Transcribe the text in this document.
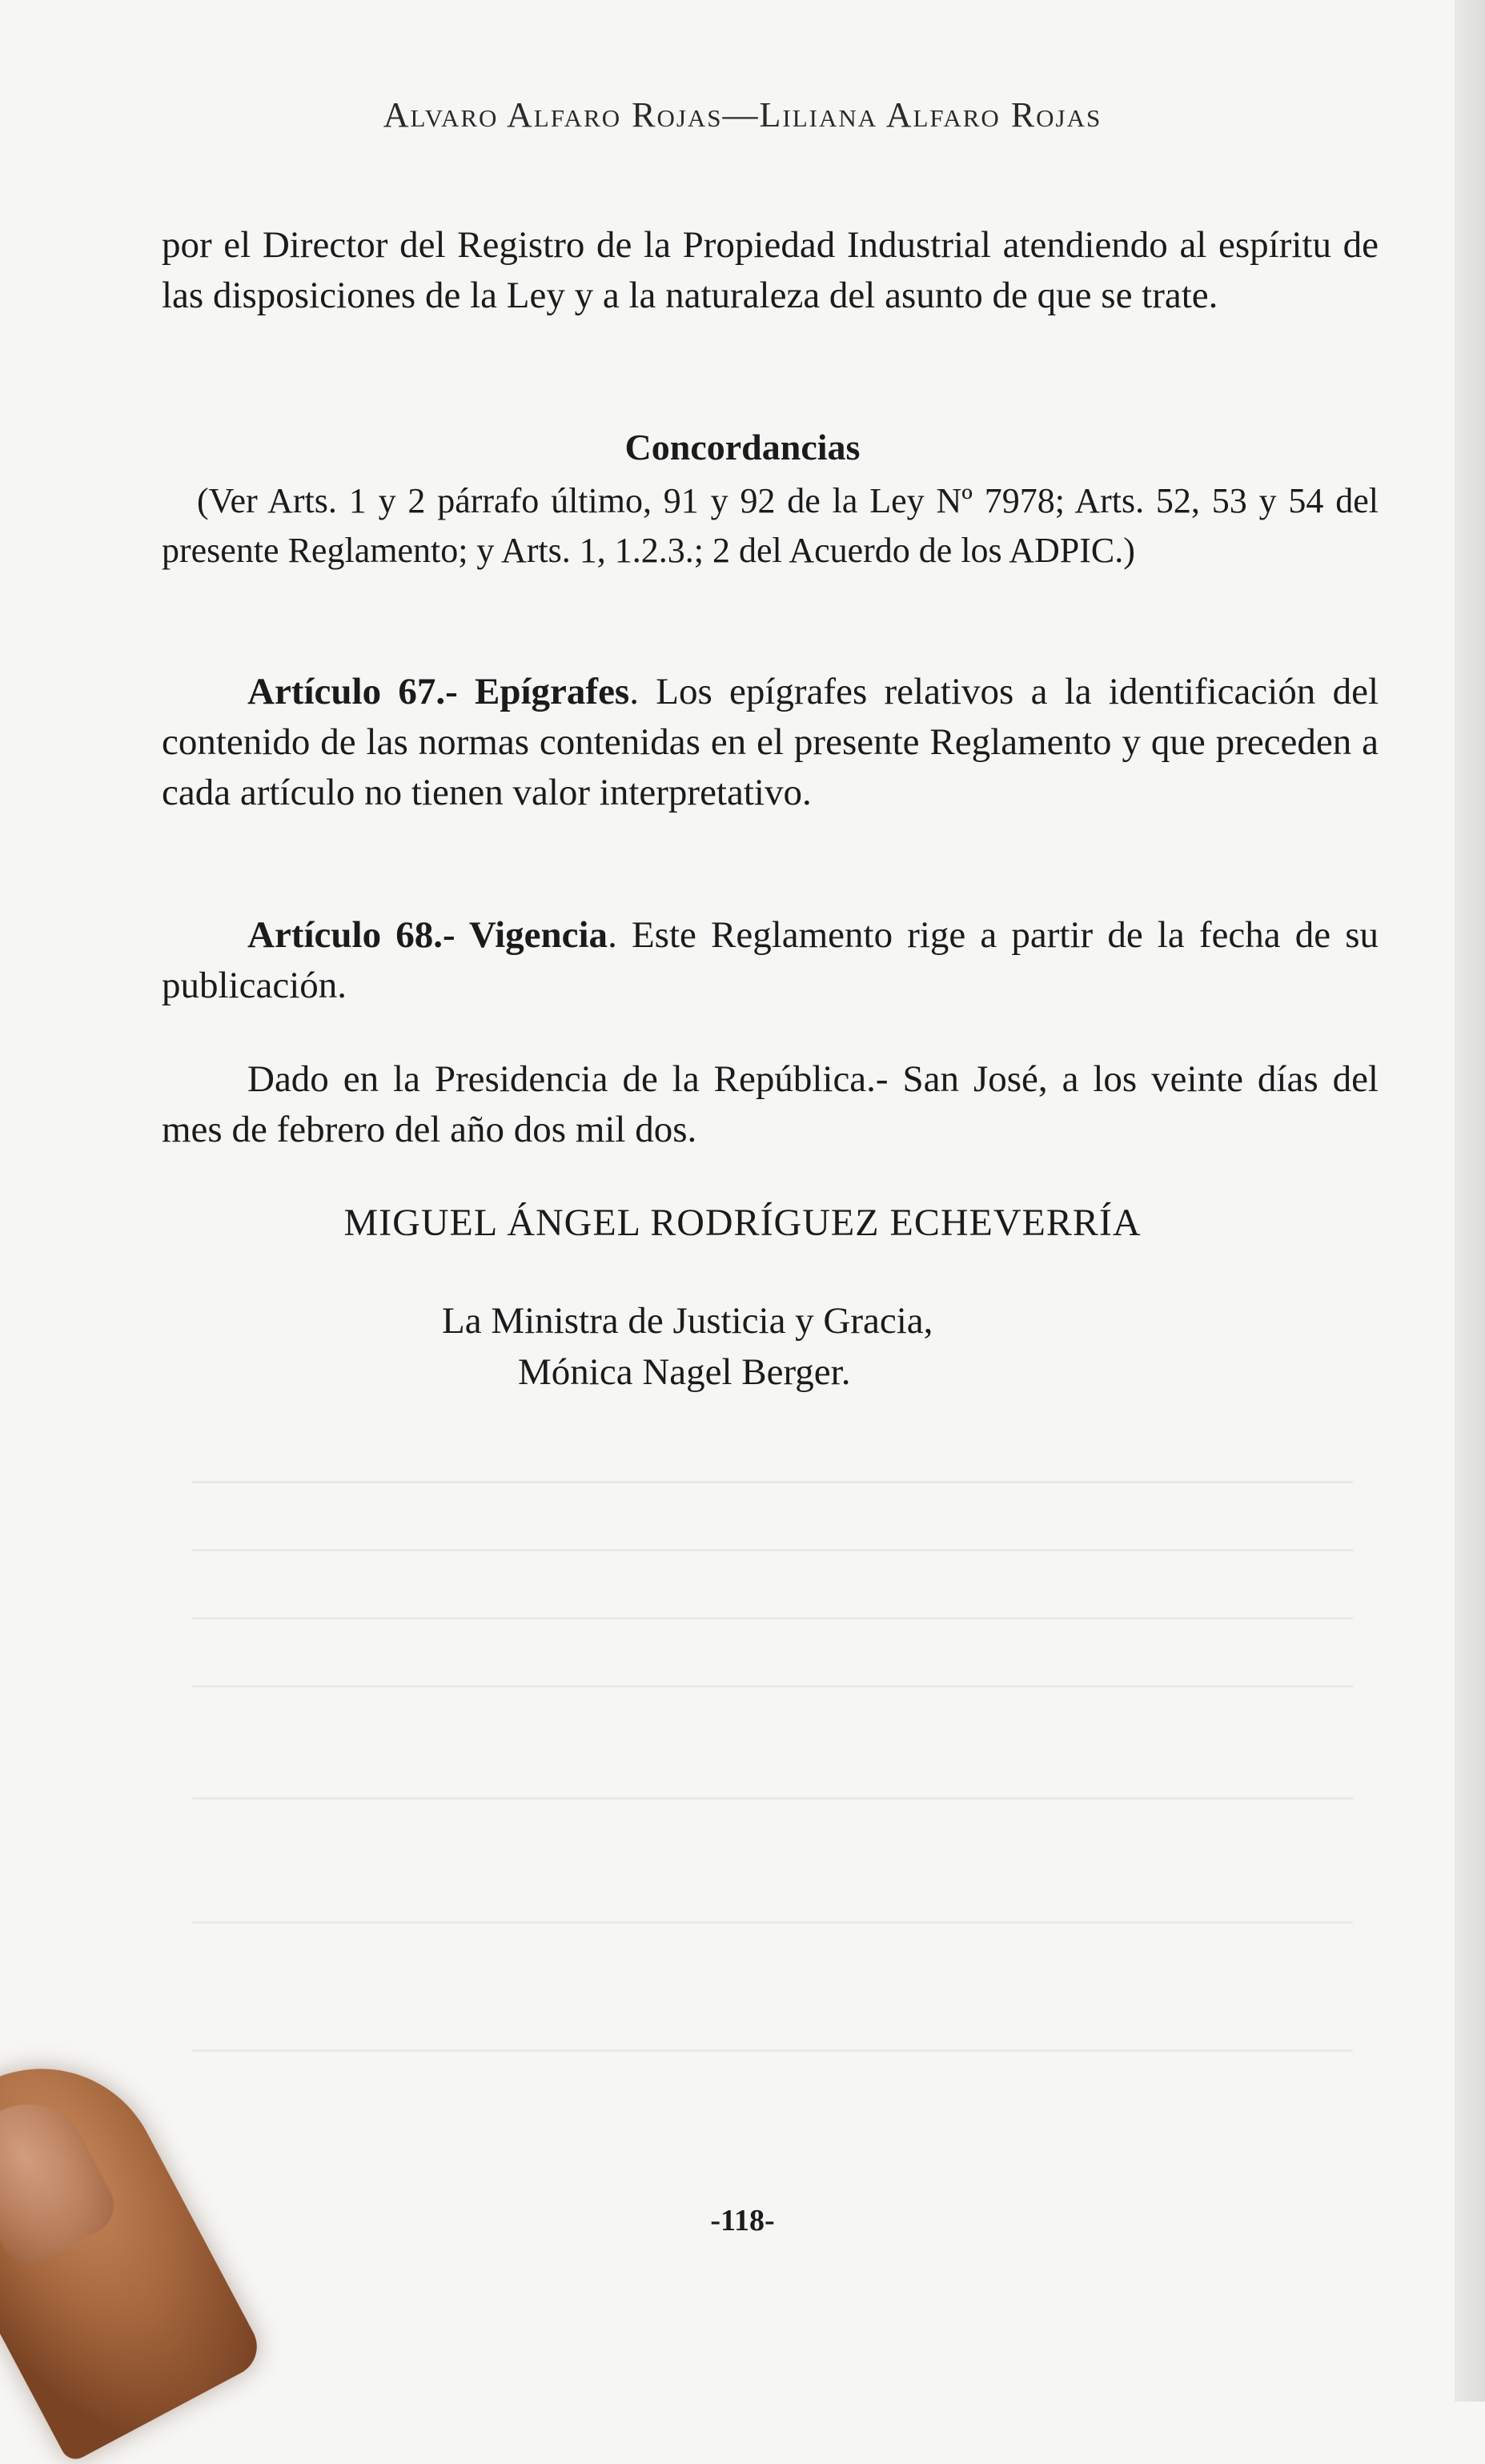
Alvaro Alfaro Rojas—Liliana Alfaro Rojas
por el Director del Registro de la Propiedad Industrial atendiendo al espíritu de las disposiciones de la Ley y a la naturaleza del asunto de que se trate.
Concordancias
(Ver Arts. 1 y 2 párrafo último, 91 y 92 de la Ley Nº 7978; Arts. 52, 53 y 54 del presente Reglamento; y Arts. 1, 1.2.3.; 2 del Acuerdo de los ADPIC.)
Artículo 67.- Epígrafes. Los epígrafes relativos a la identificación del contenido de las normas contenidas en el presente Reglamento y que preceden a cada artículo no tienen valor interpretativo.
Artículo 68.- Vigencia. Este Reglamento rige a partir de la fecha de su publicación.
Dado en la Presidencia de la República.- San José, a los veinte días del mes de febrero del año dos mil dos.
MIGUEL ÁNGEL RODRÍGUEZ ECHEVERRÍA
La Ministra de Justicia y Gracia,
Mónica Nagel Berger.
-118-
